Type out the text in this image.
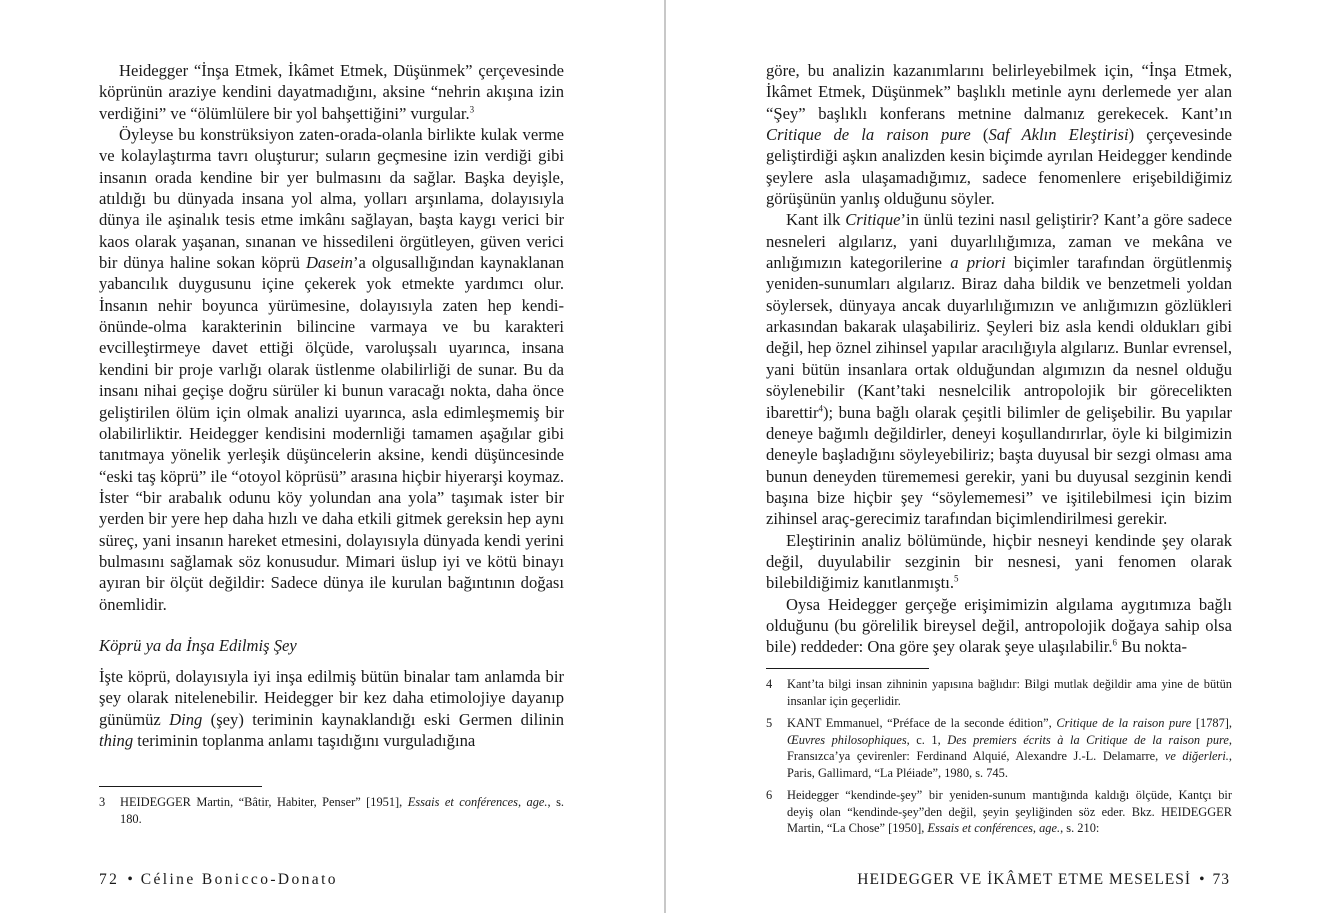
Heidegger “İnşa Etmek, İkâmet Etmek, Düşünmek” çerçevesinde köprünün araziye kendini dayatmadığını, aksine “nehrin akışına izin verdiğini” ve “ölümlülere bir yol bahşettiğini” vurgular.$^3$

Öyleyse bu konstrüksiyon zaten-orada-olanla birlikte kulak verme ve kolaylaştırma tavrı oluşturur; suların geçmesine izin verdiği gibi insanın orada kendine bir yer bulmasını da sağlar. Başka deyişle, atıldığı bu dünyada insana yol alma, yolları arşınlama, dolayısıyla dünya ile aşinalık tesis etme imkânı sağlayan, başta kaygı verici bir kaos olarak yaşanan, sınanan ve hissedileni örgütleyen, güven verici bir dünya haline sokan köprü Dasein’a olgusallığından kaynaklanan yabancılık duygusunu içine çekerek yok etmekte yardımcı olur. İnsanın nehir boyunca yürümesine, dolayısıyla zaten hep kendi-önünde-olma karakterinin bilincine varmaya ve bu karakteri evcilleştirmeye davet ettiği ölçüde, varoluşsalı uyarınca, insana kendini bir proje varlığı olarak üstlenme olabilirliği de sunar. Bu da insanı nihai geçişe doğru sürüler ki bunun varacağı nokta, daha önce geliştirilen ölüm için olmak analizi uyarınca, asla edimleşmemiş bir olabilirliktir. Heidegger kendisini modernliği tamamen aşağılar gibi tanıtmaya yönelik yerleşik düşüncelerin aksine, kendi düşüncesinde “eski taş köprü” ile “otoyol köprüsü” arasına hiçbir hiyerarşi koymaz. İster “bir arabalık odunu köy yolundan ana yola” taşımak ister bir yerden bir yere hep daha hızlı ve daha etkili gitmek gereksin hep aynı süreç, yani insanın hareket etmesini, dolayısıyla dünyada kendi yerini bulmasını sağlamak söz konusudur. Mimari üslup iyi ve kötü binayı ayıran bir ölçüt değildir: Sadece dünya ile kurulan bağıntının doğası önemlidir.

Köprü ya da İnşa Edilmiş Şey

İşte köprü, dolayısıyla iyi inşa edilmiş bütün binalar tam anlamda bir şey olarak nitelenebilir. Heidegger bir kez daha etimolojiye dayanıp günümüz Ding (şey) teriminin kaynaklandığı eski Germen dilinin thing teriminin toplanma anlamı taşıdığını vurguladığına

3 HEIDEGGER Martin, “Bâtir, Habiter, Penser” [1951], Essais et conférences, age., s. 180.
72 • Céline Bonicco-Donato

göre, bu analizin kazanımlarını belirleyebilmek için, “İnşa Etmek, İkâmet Etmek, Düşünmek” başlıklı metinle aynı derlemede yer alan “Şey” başlıklı konferans metnine dalmanız gerekecek. Kant’ın Critique de la raison pure (Saf Aklın Eleştirisi) çerçevesinde geliştirdiği aşkın analizden kesin biçimde ayrılan Heidegger kendinde şeylere asla ulaşamadığımız, sadece fenomenlere erişebildiğimiz görüşünün yanlış olduğunu söyler.

Kant ilk Critique’in ünlü tezini nasıl geliştirir? Kant’a göre sadece nesneleri algılarız, yani duyarlılığımıza, zaman ve mekâna ve anlığımızın kategorilerine a priori biçimler tarafından örgütlenmiş yeniden-sunumları algılarız. Biraz daha bildik ve benzetmeli yoldan söylersek, dünyaya ancak duyarlılığımızın ve anlığımızın gözlükleri arkasından bakarak ulaşabiliriz. Şeyleri biz asla kendi oldukları gibi değil, hep öznel zihinsel yapılar aracılığıyla algılarız. Bunlar evrensel, yani bütün insanlara ortak olduğundan algımızın da nesnel olduğu söylenebilir (Kant’taki nesnelcilik antropolojik bir görecelikten ibarettir$^4$); buna bağlı olarak çeşitli bilimler de gelişebilir. Bu yapılar deneye bağımlı değildirler, deneyi koşullandırırlar, öyle ki bilgimizin deneyle başladığını söyleyebiliriz; başta duyusal bir sezgi olması ama bunun deneyden türememesi gerekir, yani bu duyusal sezginin kendi başına bize hiçbir şey “söylememesi” ve işitilebilmesi için bizim zihinsel araç-gerecimiz tarafından biçimlendirilmesi gerekir.

Eleştirinin analiz bölümünde, hiçbir nesneyi kendinde şey olarak değil, duyulabilir sezginin bir nesnesi, yani fenomen olarak bilebildiğimiz kanıtlanmıştı.$^5$

Oysa Heidegger gerçeğe erişimimizin algılama aygıtımıza bağlı olduğunu (bu görelilik bireysel değil, antropolojik doğaya sahip olsa bile) reddeder: Ona göre şey olarak şeye ulaşılabilir.$^6$ Bu nokta-

4 Kant’ta bilgi insan zihninin yapısına bağlıdır: Bilgi mutlak değildir ama yine de bütün insanlar için geçerlidir.
5 KANT Emmanuel, “Préface de la seconde édition”, Critique de la raison pure [1787], Œuvres philosophiques, c. 1, Des premiers écrits à la Critique de la raison pure, Fransızca’ya çevirenler: Ferdinand Alquié, Alexandre J.-L. Delamarre, ve diğerleri., Paris, Gallimard, “La Pléiade”, 1980, s. 745.
6 Heidegger “kendinde-şey” bir yeniden-sunum mantığında kaldığı ölçüde, Kantçı bir deyiş olan “kendinde-şey”den değil, şeyin şeyliğinden söz eder. Bkz. HEIDEGGER Martin, “La Chose” [1950], Essais et conférences, age., s. 210:
HEIDEGGER VE İKÂMET ETME MESELESİ • 73
